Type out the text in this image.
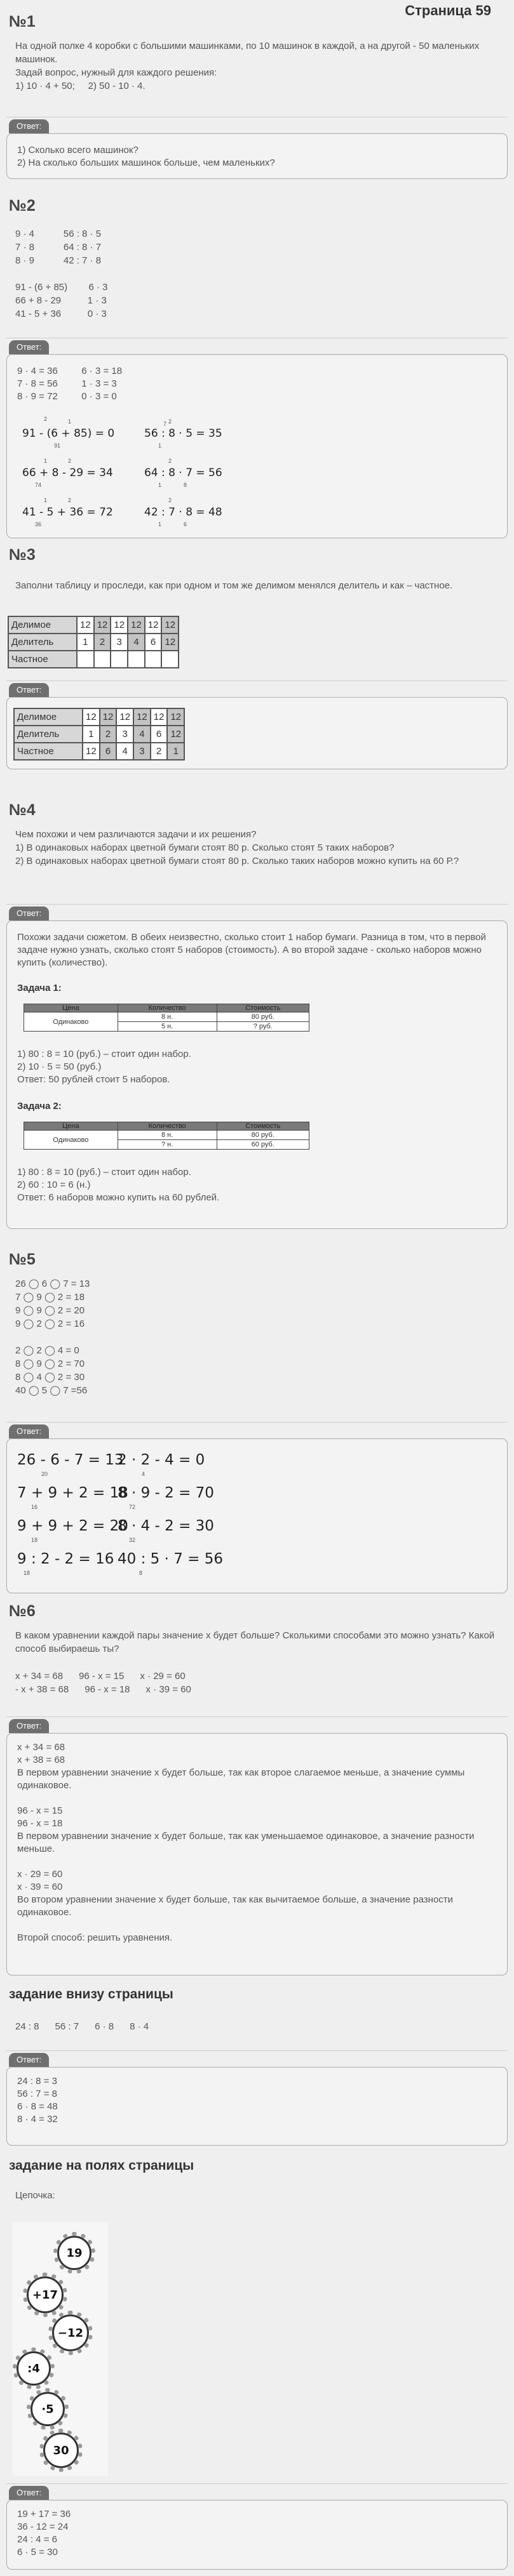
Страница 59
№1
На одной полке 4 коробки с большими машинками, по 10 машинок в каждой, а на другой - 50 маленьких машинок.
Задай вопрос, нужный для каждого решения:
1) 10 · 4 + 50;     2) 50 - 10 · 4.
Ответ:

1) Сколько всего машинок?

2) На сколько больших машинок больше, чем маленьких?

№2
9 · 4           56 : 8 · 5
7 · 8           64 : 8 · 7
8 · 9           42 : 7 · 8

91 - (6 + 85)        6 · 3
66 + 8 - 29          1 · 3
41 - 5 + 36          0 · 3
Ответ:
9 · 4 = 36         6 · 3 = 18
7 · 8 = 56         1 · 3 = 3
8 · 9 = 72         0 · 3 = 0
91 - (6 + 85) = 0	56 : 8 · 5 = 35
2	1
91
2
1
7
66 + 8 - 29 = 34	64 : 8 · 7 = 56
1	2
74
2
1	8
41 - 5 + 36 = 72	42 : 7 · 8 = 48
1	2
36
2
1	6
№3
Заполни таблицу и проследи, как при одном и том же делимом менялся делитель и как – частное.
Делимое	12	12	12	12	12	12
Делитель	1	2	3	4	6	12
Частное						
Ответ:
Делимое	12	12	12	12	12	12
Делитель	1	2	3	4	6	12
Частное	12	6	4	3	2	1
№4
Чем похожи и чем различаются задачи и их решения?
1) В одинаковых наборах цветной бумаги стоят 80 р. Сколько стоят 5 таких наборов?
2) В одинаковых наборах цветной бумаги стоят 80 р. Сколько таких наборов можно купить на 60 Р.?
Ответ:
Похожи задачи сюжетом. В обеих неизвестно, сколько стоит 1 набор бумаги. Разница в том, что в первой задаче нужно узнать, сколько стоят 5 наборов (стоимость). А во второй задаче - сколько наборов можно купить (количество).
Задача 1:
Цена	Количество	Стоимость
Одинаково	8 н.	80 руб.
	5 н.	? руб.
1) 80 : 8 = 10 (руб.) – стоит один набор.
2) 10 · 5 = 50 (руб.)
Ответ: 50 рублей стоит 5 наборов.
Задача 2:
Цена	Количество	Стоимость
Одинаково	8 н.	80 руб.
	? н.	60 руб.
1) 80 : 8 = 10 (руб.) – стоит один набор.
2) 60 : 10 = 6 (н.)
Ответ: 6 наборов можно купить на 60 рублей.
№5
26 ◯ 6 ◯ 7 = 13
7 ◯ 9 ◯ 2 = 18
9 ◯ 9 ◯ 2 = 20
9 ◯ 2 ◯ 2 = 16

2 ◯ 2 ◯ 4 = 0
8 ◯ 9 ◯ 2 = 70
8 ◯ 4 ◯ 2 = 30
40 ◯ 5 ◯ 7 =56
Ответ:
26 - 6 - 7 = 13
2 · 2 - 4 = 0
20	4
7 + 9 + 2 = 18
8 · 9 - 2 = 70
16	72
9 + 9 + 2 = 20
8 · 4 - 2 = 30
18	32
9 : 2 - 2 = 16 40 : 5 · 7 = 56
18	8
№6
В каком уравнении каждой пары значение x будет больше? Сколькими способами это можно узнать? Какой способ выбираешь ты?
x + 34 = 68      96 - x = 15      x · 29 = 60
- x + 38 = 68      96 - x = 18      x · 39 = 60
Ответ:
x + 34 = 68
x + 38 = 68
В первом уравнении значение x будет больше, так как второе слагаемое меньше, а значение суммы одинаковое.

96 - x = 15
96 - x = 18
В первом уравнении значение x будет больше, так как уменьшаемое одинаковое, а значение разности меньше.

x · 29 = 60
x · 39 = 60
Во втором уравнении значение x будет больше, так как вычитаемое больше, а значение разности одинаковое.

Второй способ: решить уравнения.
задание внизу страницы
24 : 8      56 : 7      6 · 8      8 · 4
Ответ:
24 : 8 = 3
56 : 7 = 8
6 · 8 = 48
8 · 4 = 32
задание на полях страницы
Цепочка:
19
+17
−12
:4
·5
30
Ответ:
19 + 17 = 36
36 - 12 = 24
24 : 4 = 6
6 · 5 = 30
